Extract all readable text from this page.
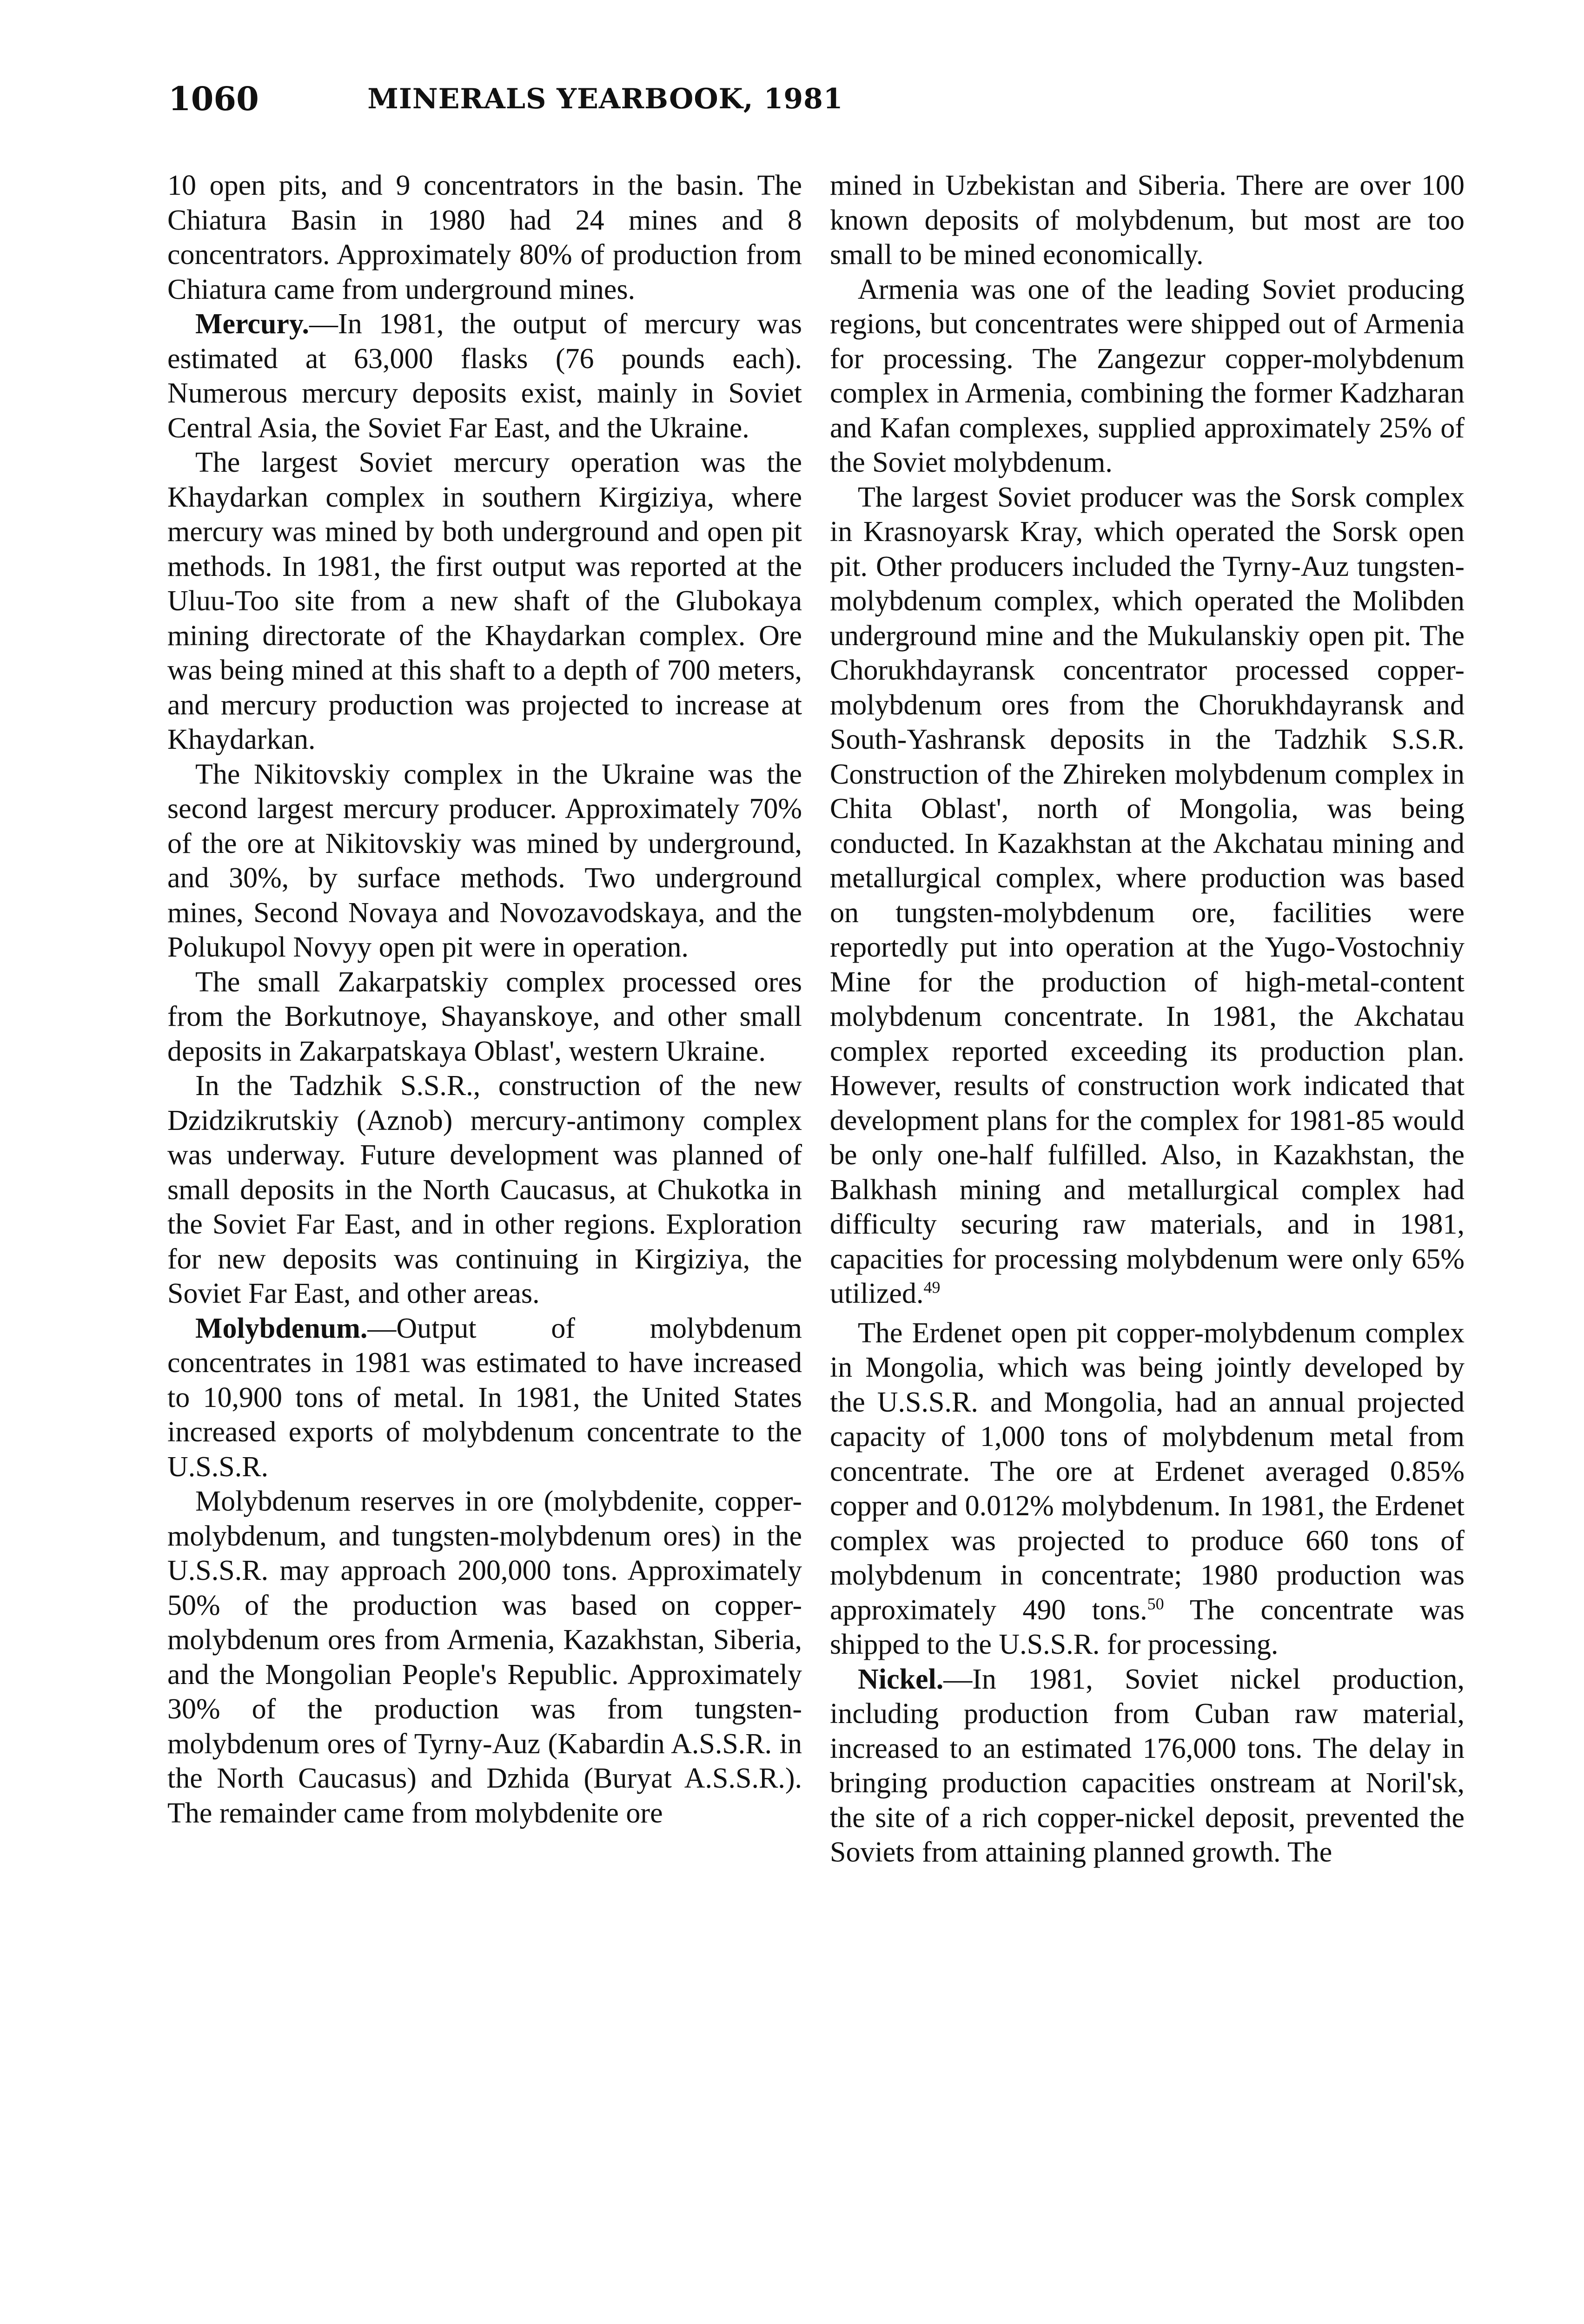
1060	MINERALS YEARBOOK, 1981

10 open pits, and 9 concentrators in the basin. The Chiatura Basin in 1980 had 24 mines and 8 concentrators. Approximately 80% of production from Chiatura came from underground mines.

Mercury.—In 1981, the output of mercury was estimated at 63,000 flasks (76 pounds each). Numerous mercury deposits exist, mainly in Soviet Central Asia, the Soviet Far East, and the Ukraine.

The largest Soviet mercury operation was the Khaydarkan complex in southern Kirgiziya, where mercury was mined by both underground and open pit methods. In 1981, the first output was reported at the Uluu-Too site from a new shaft of the Glubokaya mining directorate of the Khaydarkan complex. Ore was being mined at this shaft to a depth of 700 meters, and mercury production was projected to increase at Khaydarkan.

The Nikitovskiy complex in the Ukraine was the second largest mercury producer. Approximately 70% of the ore at Nikitovskiy was mined by underground, and 30%, by surface methods. Two underground mines, Second Novaya and Novozavodskaya, and the Polukupol Novyy open pit were in operation.

The small Zakarpatskiy complex processed ores from the Borkutnoye, Shayanskoye, and other small deposits in Zakarpatskaya Oblast', western Ukraine.

In the Tadzhik S.S.R., construction of the new Dzidzikrutskiy (Aznob) mercury-antimony complex was underway. Future development was planned of small deposits in the North Caucasus, at Chukotka in the Soviet Far East, and in other regions. Exploration for new deposits was continuing in Kirgiziya, the Soviet Far East, and other areas.

Molybdenum.—Output of molybdenum concentrates in 1981 was estimated to have increased to 10,900 tons of metal. In 1981, the United States increased exports of molybdenum concentrate to the U.S.S.R.

Molybdenum reserves in ore (molybdenite, copper-molybdenum, and tungsten-molybdenum ores) in the U.S.S.R. may approach 200,000 tons. Approximately 50% of the production was based on copper-molybdenum ores from Armenia, Kazakhstan, Siberia, and the Mongolian People's Republic. Approximately 30% of the production was from tungsten-molybdenum ores of Tyrny-Auz (Kabardin A.S.S.R. in the North Caucasus) and Dzhida (Buryat A.S.S.R.). The remainder came from molybdenite ore

mined in Uzbekistan and Siberia. There are over 100 known deposits of molybdenum, but most are too small to be mined economically.

Armenia was one of the leading Soviet producing regions, but concentrates were shipped out of Armenia for processing. The Zangezur copper-molybdenum complex in Armenia, combining the former Kadzharan and Kafan complexes, supplied approximately 25% of the Soviet molybdenum.

The largest Soviet producer was the Sorsk complex in Krasnoyarsk Kray, which operated the Sorsk open pit. Other producers included the Tyrny-Auz tungsten-molybdenum complex, which operated the Molibden underground mine and the Mukulanskiy open pit. The Chorukhdayransk concentrator processed copper-molybdenum ores from the Chorukhdayransk and South-Yashransk deposits in the Tadzhik S.S.R. Construction of the Zhireken molybdenum complex in Chita Oblast', north of Mongolia, was being conducted. In Kazakhstan at the Akchatau mining and metallurgical complex, where production was based on tungsten-molybdenum ore, facilities were reportedly put into operation at the Yugo-Vostochniy Mine for the production of high-metal-content molybdenum concentrate. In 1981, the Akchatau complex reported exceeding its production plan. However, results of construction work indicated that development plans for the complex for 1981-85 would be only one-half fulfilled. Also, in Kazakhstan, the Balkhash mining and metallurgical complex had difficulty securing raw materials, and in 1981, capacities for processing molybdenum were only 65% utilized.$^{49}$

The Erdenet open pit copper-molybdenum complex in Mongolia, which was being jointly developed by the U.S.S.R. and Mongolia, had an annual projected capacity of 1,000 tons of molybdenum metal from concentrate. The ore at Erdenet averaged 0.85% copper and 0.012% molybdenum. In 1981, the Erdenet complex was projected to produce 660 tons of molybdenum in concentrate; 1980 production was approximately 490 tons.$^{50}$ The concentrate was shipped to the U.S.S.R. for processing.

Nickel.—In 1981, Soviet nickel production, including production from Cuban raw material, increased to an estimated 176,000 tons. The delay in bringing production capacities onstream at Noril'sk, the site of a rich copper-nickel deposit, prevented the Soviets from attaining planned growth. The
